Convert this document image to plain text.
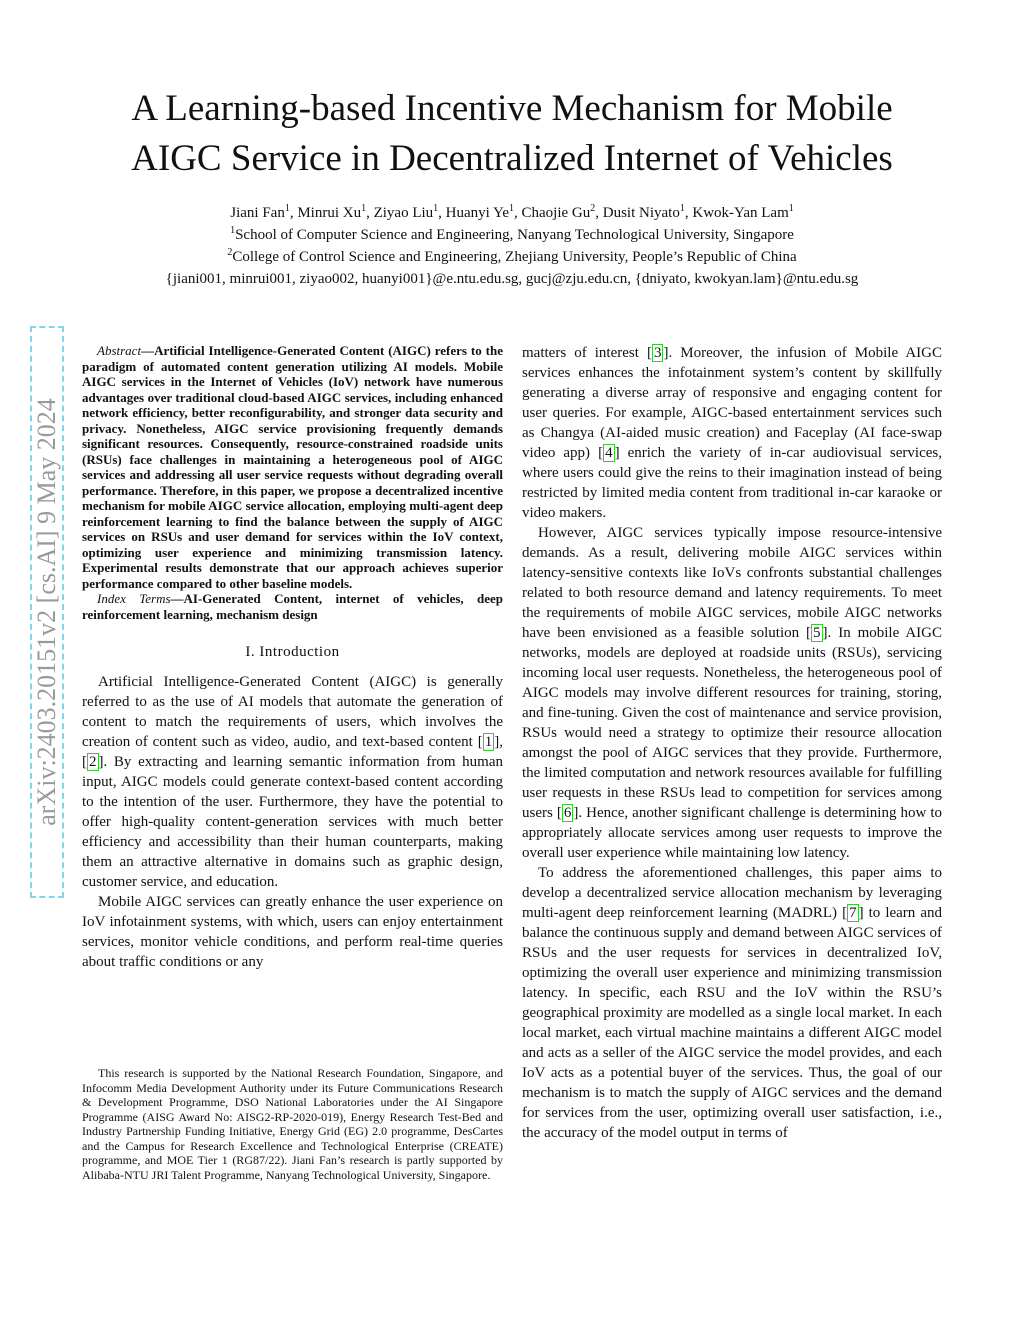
A Learning-based Incentive Mechanism for Mobile
AIGC Service in Decentralized Internet of Vehicles
Jiani Fan$^1$, Minrui Xu$^1$, Ziyao Liu$^1$, Huanyi Ye$^1$, Chaojie Gu$^2$, Dusit Niyato$^1$, Kwok-Yan Lam$^1$
$^1$School of Computer Science and Engineering, Nanyang Technological University, Singapore
$^2$College of Control Science and Engineering, Zhejiang University, People’s Republic of China
{jiani001, minrui001, ziyao002, huanyi001}@e.ntu.edu.sg, gucj@zju.edu.cn, {dniyato, kwokyan.lam}@ntu.edu.sg
arXiv:2403.20151v2 [cs.AI] 9 May 2024

Abstract—Artificial Intelligence-Generated Content (AIGC) refers to the paradigm of automated content generation utilizing AI models. Mobile AIGC services in the Internet of Vehicles (IoV) network have numerous advantages over traditional cloud-based AIGC services, including enhanced network efficiency, better reconfigurability, and stronger data security and privacy. Nonetheless, AIGC service provisioning frequently demands significant resources. Consequently, resource-constrained roadside units (RSUs) face challenges in maintaining a heterogeneous pool of AIGC services and addressing all user service requests without degrading overall performance. Therefore, in this paper, we propose a decentralized incentive mechanism for mobile AIGC service allocation, employing multi-agent deep reinforcement learning to find the balance between the supply of AIGC services on RSUs and user demand for services within the IoV context, optimizing user experience and minimizing transmission latency. Experimental results demonstrate that our approach achieves superior performance compared to other baseline models.

Index Terms—AI-Generated Content, internet of vehicles, deep reinforcement learning, mechanism design

I. Introduction

Artificial Intelligence-Generated Content (AIGC) is generally referred to as the use of AI models that automate the generation of content to match the requirements of users, which involves the creation of content such as video, audio, and text-based content [ 1 ], [ 2 ]. By extracting and learning semantic information from human input, AIGC models could generate context-based content according to the intention of the user. Furthermore, they have the potential to offer high-quality content-generation services with much better efficiency and accessibility than their human counterparts, making them an attractive alternative in domains such as graphic design, customer service, and education.

Mobile AIGC services can greatly enhance the user experience on IoV infotainment systems, with which, users can enjoy entertainment services, monitor vehicle conditions, and perform real-time queries about traffic conditions or any

This research is supported by the National Research Foundation, Singapore, and Infocomm Media Development Authority under its Future Communications Research & Development Programme, DSO National Laboratories under the AI Singapore Programme (AISG Award No: AISG2-RP-2020-019), Energy Research Test-Bed and Industry Partnership Funding Initiative, Energy Grid (EG) 2.0 programme, DesCartes and the Campus for Research Excellence and Technological Enterprise (CREATE) programme, and MOE Tier 1 (RG87/22). Jiani Fan’s research is partly supported by Alibaba-NTU JRI Talent Programme, Nanyang Technological University, Singapore.

matters of interest [ 3 ]. Moreover, the infusion of Mobile AIGC services enhances the infotainment system’s content by skillfully generating a diverse array of responsive and engaging content for user queries. For example, AIGC-based entertainment services such as Changya (AI-aided music creation) and Faceplay (AI face-swap video app) [ 4 ] enrich the variety of in-car audiovisual services, where users could give the reins to their imagination instead of being restricted by limited media content from traditional in-car karaoke or video makers.

However, AIGC services typically impose resource-intensive demands. As a result, delivering mobile AIGC services within latency-sensitive contexts like IoVs confronts substantial challenges related to both resource demand and latency requirements. To meet the requirements of mobile AIGC services, mobile AIGC networks have been envisioned as a feasible solution [ 5 ]. In mobile AIGC networks, models are deployed at roadside units (RSUs), servicing incoming local user requests. Nonetheless, the heterogeneous pool of AIGC models may involve different resources for training, storing, and fine-tuning. Given the cost of maintenance and service provision, RSUs would need a strategy to optimize their resource allocation amongst the pool of AIGC services that they provide. Furthermore, the limited computation and network resources available for fulfilling user requests in these RSUs lead to competition for services among users [ 6 ]. Hence, another significant challenge is determining how to appropriately allocate services among user requests to improve the overall user experience while maintaining low latency.

To address the aforementioned challenges, this paper aims to develop a decentralized service allocation mechanism by leveraging multi-agent deep reinforcement learning (MADRL) [ 7 ] to learn and balance the continuous supply and demand between AIGC services of RSUs and the user requests for services in decentralized IoV, optimizing the overall user experience and minimizing transmission latency. In specific, each RSU and the IoV within the RSU’s geographical proximity are modelled as a single local market. In each local market, each virtual machine maintains a different AIGC model and acts as a seller of the AIGC service the model provides, and each IoV acts as a potential buyer of the services. Thus, the goal of our mechanism is to match the supply of AIGC services and the demand for services from the user, optimizing overall user satisfaction, i.e., the accuracy of the model output in terms of
